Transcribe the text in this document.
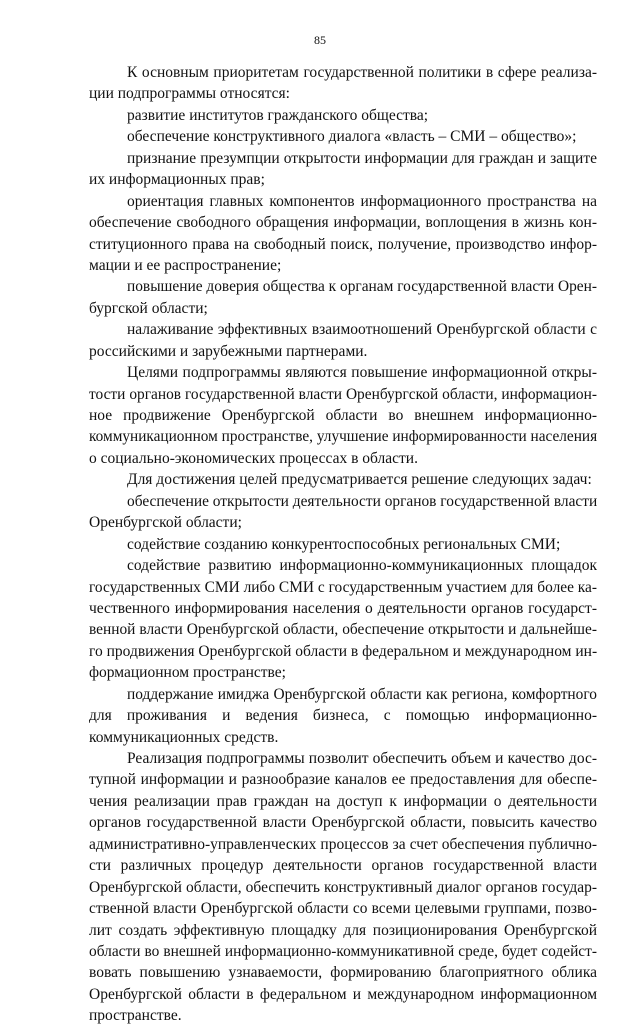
85
К основным приоритетам государственной политики в сфере реализа-
ции подпрограммы относятся:
развитие институтов гражданского общества;
обеспечение конструктивного диалога «власть – СМИ – общество»;
признание презумпции открытости информации для граждан и защите
их информационных прав;
ориентация главных компонентов информационного пространства на
обеспечение свободного обращения информации, воплощения в жизнь кон-
ституционного права на свободный поиск, получение, производство инфор-
мации и ее распространение;
повышение доверия общества к органам государственной власти Орен-
бургской области;
налаживание эффективных взаимоотношений Оренбургской области с
российскими и зарубежными партнерами.
Целями подпрограммы являются повышение информационной откры-
тости органов государственной власти Оренбургской области, информацион-
ное продвижение Оренбургской области во внешнем информационно-
коммуникационном пространстве, улучшение информированности населения
о социально-экономических процессах в области.
Для достижения целей предусматривается решение следующих задач:
обеспечение открытости деятельности органов государственной власти
Оренбургской области;
содействие созданию конкурентоспособных региональных СМИ;
содействие развитию информационно-коммуникационных площадок
государственных СМИ либо СМИ с государственным участием для более ка-
чественного информирования населения о деятельности органов государст-
венной власти Оренбургской области, обеспечение открытости и дальнейше-
го продвижения Оренбургской области в федеральном и международном ин-
формационном пространстве;
поддержание имиджа Оренбургской области как региона, комфортного
для проживания и ведения бизнеса, с помощью информационно-
коммуникационных средств.
Реализация подпрограммы позволит обеспечить объем и качество дос-
тупной информации и разнообразие каналов ее предоставления для обеспе-
чения реализации прав граждан на доступ к информации о деятельности
органов государственной власти Оренбургской области, повысить качество
административно-управленческих процессов за счет обеспечения публично-
сти различных процедур деятельности органов государственной власти
Оренбургской области, обеспечить конструктивный диалог органов государ-
ственной власти Оренбургской области со всеми целевыми группами, позво-
лит создать эффективную площадку для позиционирования Оренбургской
области во внешней информационно-коммуникативной среде, будет содейст-
вовать повышению узнаваемости, формированию благоприятного облика
Оренбургской области в федеральном и международном информационном
пространстве.
